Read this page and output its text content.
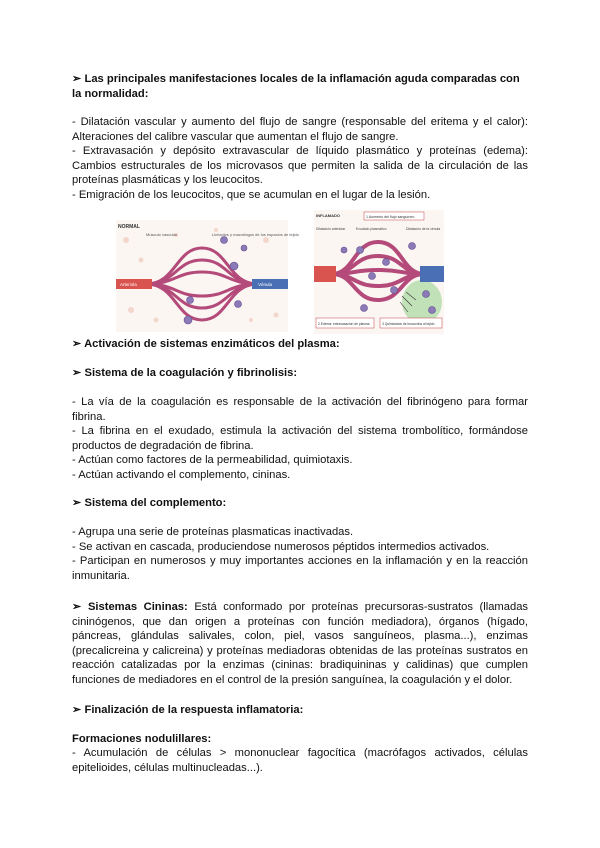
➢ Las principales manifestaciones locales de la inflamación aguda comparadas con la normalidad:

- Dilatación vascular y aumento del flujo de sangre (responsable del eritema y el calor): Alteraciones del calibre vascular que aumentan el flujo de sangre.
- Extravasación y depósito extravascular de líquido plasmático y proteínas (edema): Cambios estructurales de los microvasos que permiten la salida de la circulación de las proteínas plasmáticas y los leucocitos.
- Emigración de los leucocitos, que se acumulan en el lugar de la lesión.

NORMAL
Músculo vascular	Linfocitos y macrófagos de los espacios de tejido
Arteriola	Vénula
INFLAMADO	1 Aumento del flujo sanguíneo
Dilatación arteriolar	Exudado plasmático	Dilatación de la vénula
2 Edema: extravasación de plasma	3 Quimiotaxis de leucocitos al tejido

➢ Activación de sistemas enzimáticos del plasma:

➢ Sistema de la coagulación y fibrinolisis:

- La vía de la coagulación es responsable de la activación del fibrinógeno para formar fibrina.
- La fibrina en el exudado, estimula la activación del sistema trombolítico, formándose productos de degradación de fibrina.
- Actúan como factores de la permeabilidad, quimiotaxis.
- Actúan activando el complemento, cininas.

➢ Sistema del complemento:

- Agrupa una serie de proteínas plasmaticas inactivadas.
- Se activan en cascada, produciendose numerosos péptidos intermedios activados.
- Participan en numerosos y muy importantes acciones en la inflamación y en la reacción inmunitaria.

➢ Sistemas Cininas: Está conformado por proteínas precursoras-sustratos (llamadas cininógenos, que dan origen a proteínas con función mediadora), órganos (hígado, páncreas, glándulas salivales, colon, piel, vasos sanguíneos, plasma...), enzimas (precalicreina y calicreina) y proteínas mediadoras obtenidas de las proteínas sustratos en reacción catalizadas por la enzimas (cininas: bradiquininas y calidinas) que cumplen funciones de mediadores en el control de la presión sanguínea, la coagulación y el dolor.

➢ Finalización de la respuesta inflamatoria:

Formaciones nodulillares:

- Acumulación de células > mononuclear fagocítica (macrófagos activados, células epitelioides, células multinucleadas...).
